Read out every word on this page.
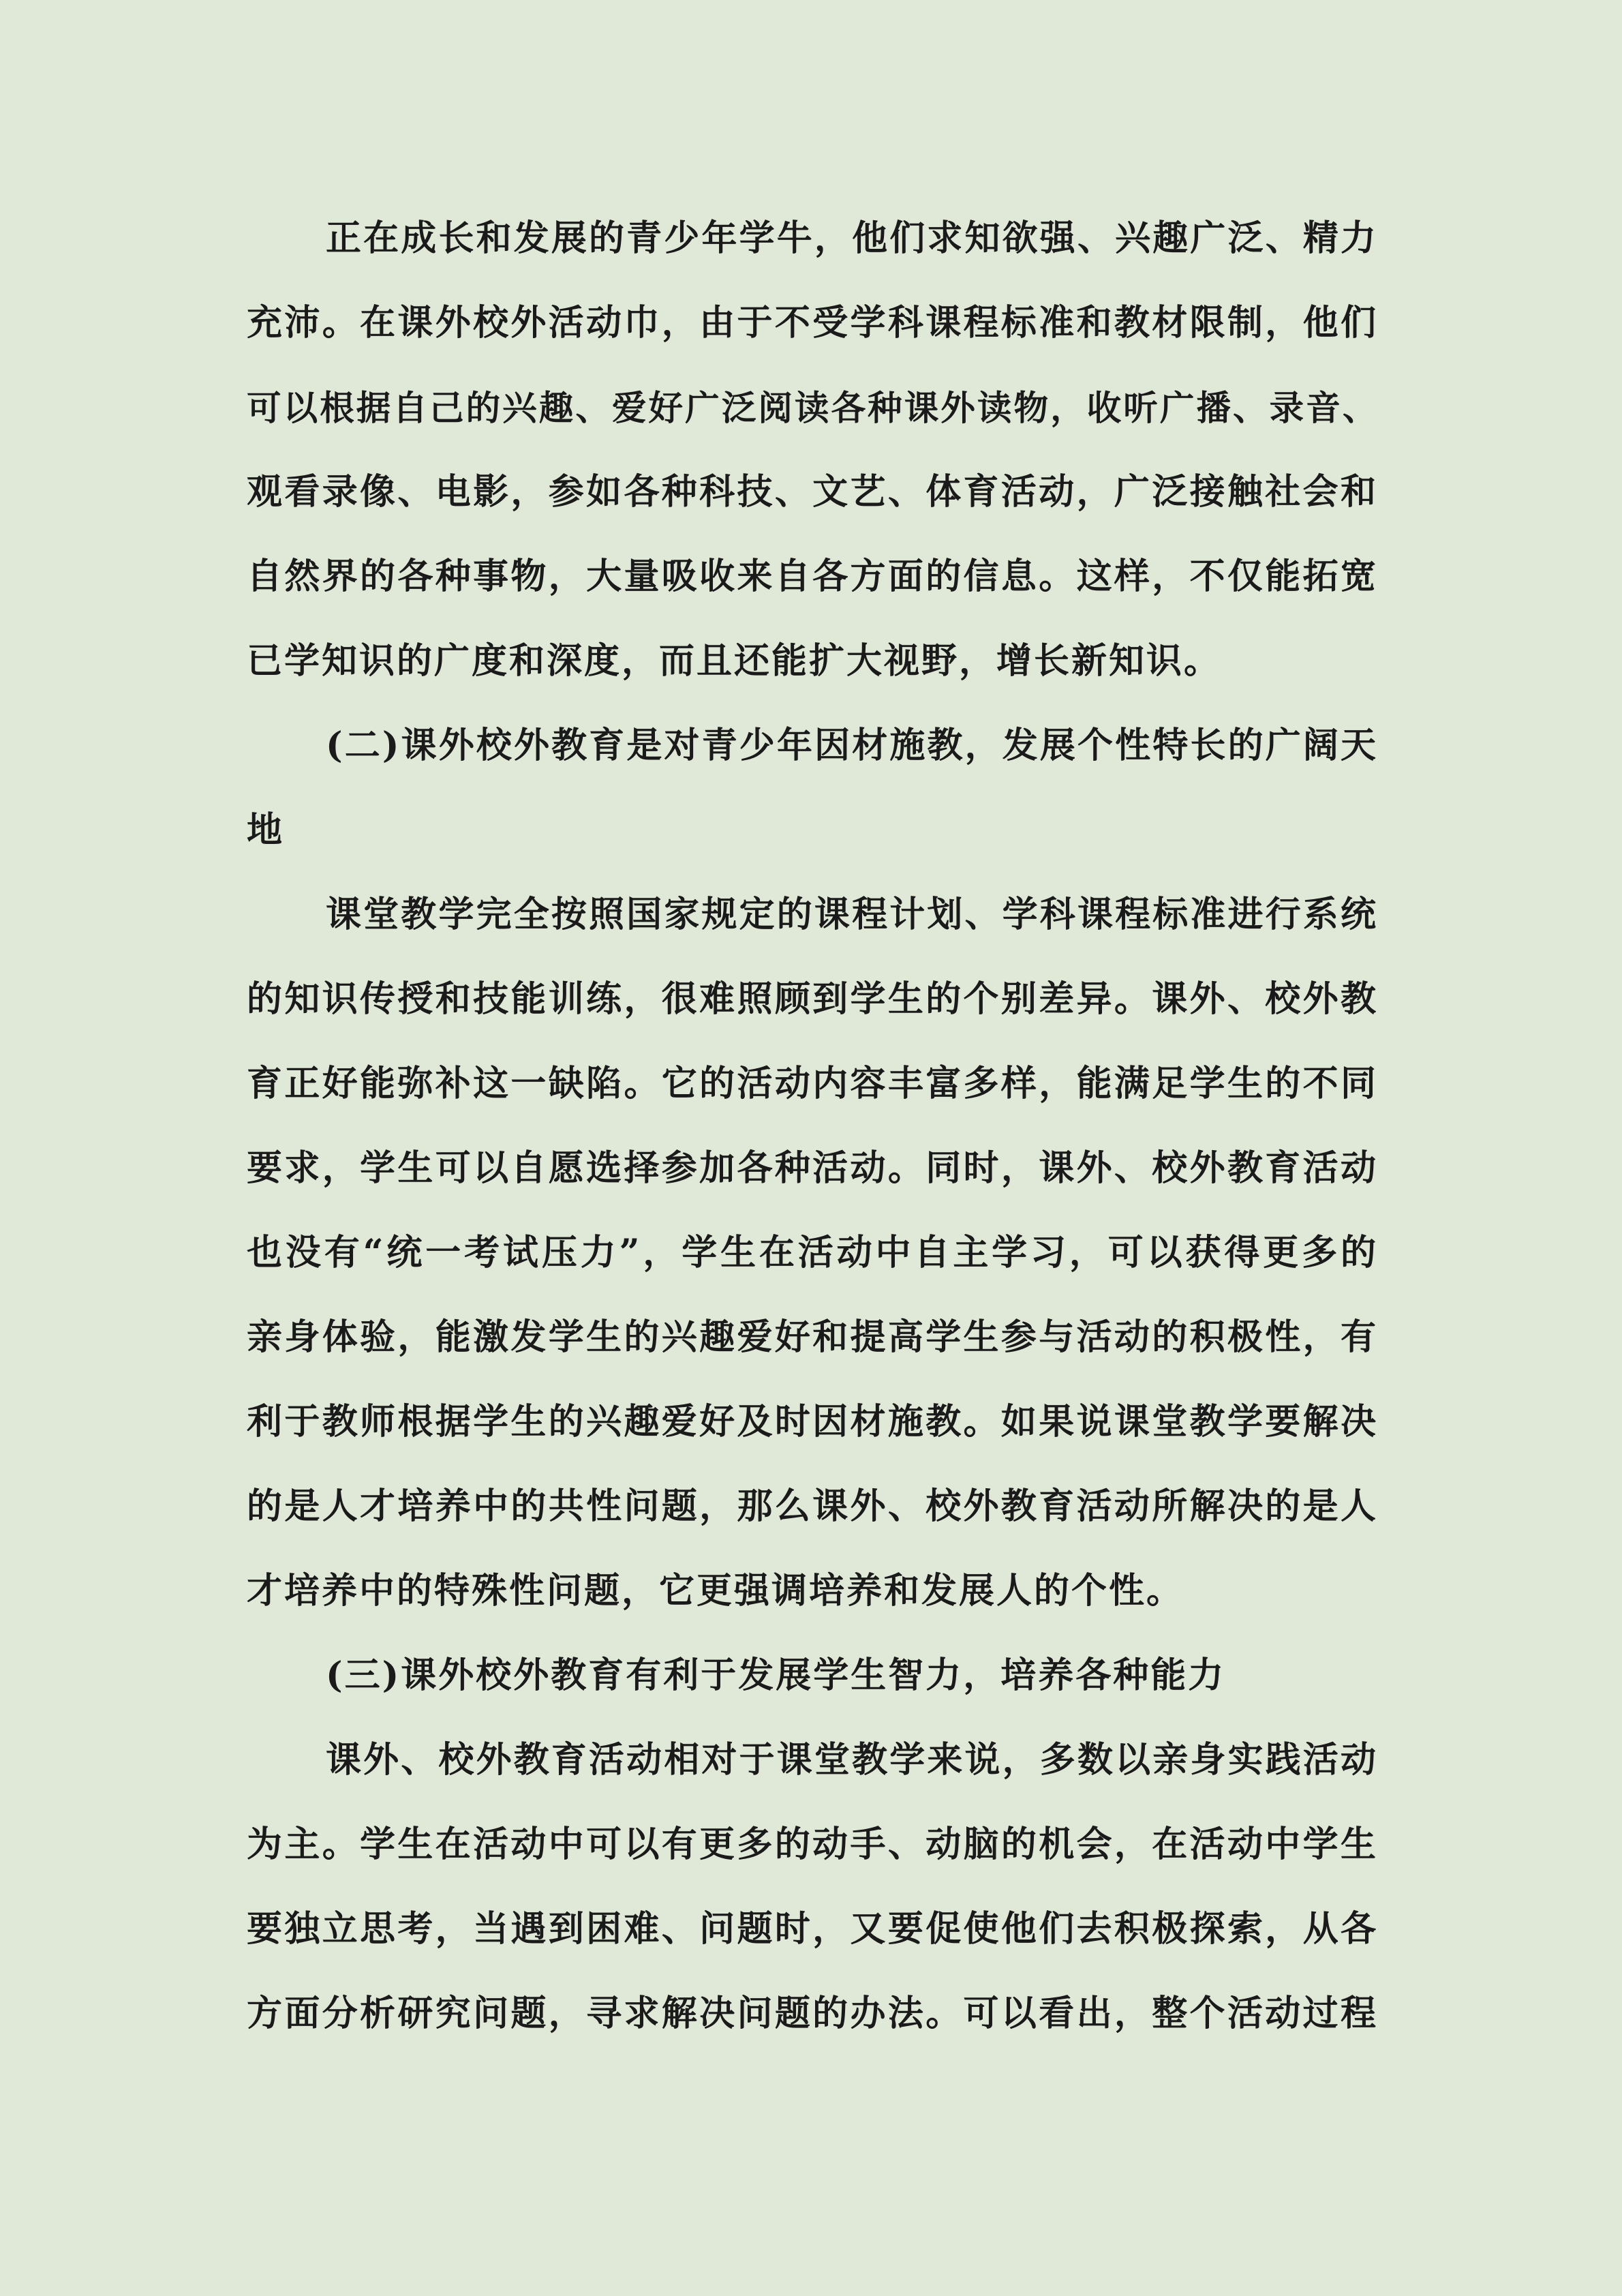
正在成长和发展的青少年学牛，他们求知欲强、兴趣广泛、精力
充沛。在课外校外活动巾，由于不受学科课程标准和教材限制，他们
可以根据自己的兴趣、爱好广泛阅读各种课外读物，收听广播、录音、
观看录像、电影，参如各种科技、文艺、体育活动，广泛接触社会和
自然界的各种事物，大量吸收来自各方面的信息。这样，不仅能拓宽
已学知识的广度和深度，而且还能扩大视野，增长新知识。
(二)课外校外教育是对青少年因材施教，发展个性特长的广阔天
地
课堂教学完全按照国家规定的课程计划、学科课程标准进行系统
的知识传授和技能训练，很难照顾到学生的个别差异。课外、校外教
育正好能弥补这一缺陷。它的活动内容丰富多样，能满足学生的不同
要求，学生可以自愿选择参加各种活动。同时，课外、校外教育活动
也没有“统一考试压力”，学生在活动中自主学习，可以获得更多的
亲身体验，能激发学生的兴趣爱好和提高学生参与活动的积极性，有
利于教师根据学生的兴趣爱好及时因材施教。如果说课堂教学要解决
的是人才培养中的共性问题，那么课外、校外教育活动所解决的是人
才培养中的特殊性问题，它更强调培养和发展人的个性。
(三)课外校外教育有利于发展学生智力，培养各种能力
课外、校外教育活动相对于课堂教学来说，多数以亲身实践活动
为主。学生在活动中可以有更多的动手、动脑的机会，在活动中学生
要独立思考，当遇到困难、问题时，又要促使他们去积极探索，从各
方面分析研究问题，寻求解决问题的办法。可以看出，整个活动过程
